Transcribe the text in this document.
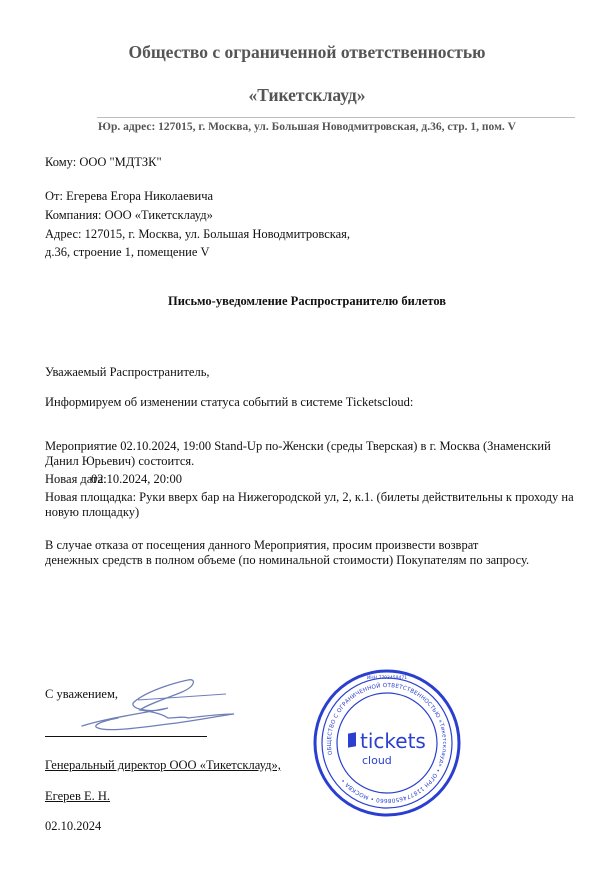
Общество с ограниченной ответственностью
«Тикетсклауд»
Юр. адрес: 127015, г. Москва, ул. Большая Новодмитровская, д.36, стр. 1, пом. V
Кому: ООО "МДТЗК"
От: Егерева Егора Николаевича
Компания: ООО «Тикетсклауд»
Адрес: 127015, г. Москва, ул. Большая Новодмитровская,
д.36, строение 1, помещение V
Письмо-уведомление Распространителю билетов
Уважаемый Распространитель,
Информируем об изменении статуса событий в системе Ticketscloud:
Мероприятие 02.10.2024, 19:00 Stand-Up по-Женски (среды Тверская) в г. Москва (Знаменский
Данил Юрьевич) состоится.
Новая дата:02.10.2024, 20:00
Новая площадка: Руки вверх бар на Нижегородской ул, 2, к.1. (билеты действительны к проходу на
новую площадку)
В случае отказа от посещения данного Мероприятия, просим произвести возврат
денежных средств в полном объеме (по номинальной стоимости) Покупателям по запросу.
С уважением,
Генеральный директор ООО «Тикетсклауд»,
Егерев Е. Н.
02.10.2024
ОБЩЕСТВО С ОГРАНИЧЕННОЙ ОТВЕТСТВЕННОСТЬЮ «Тикетсклауд» • ОГРН 1187746508660 • МОСКВА •
ИНН 7703459471
tickets
cloud
